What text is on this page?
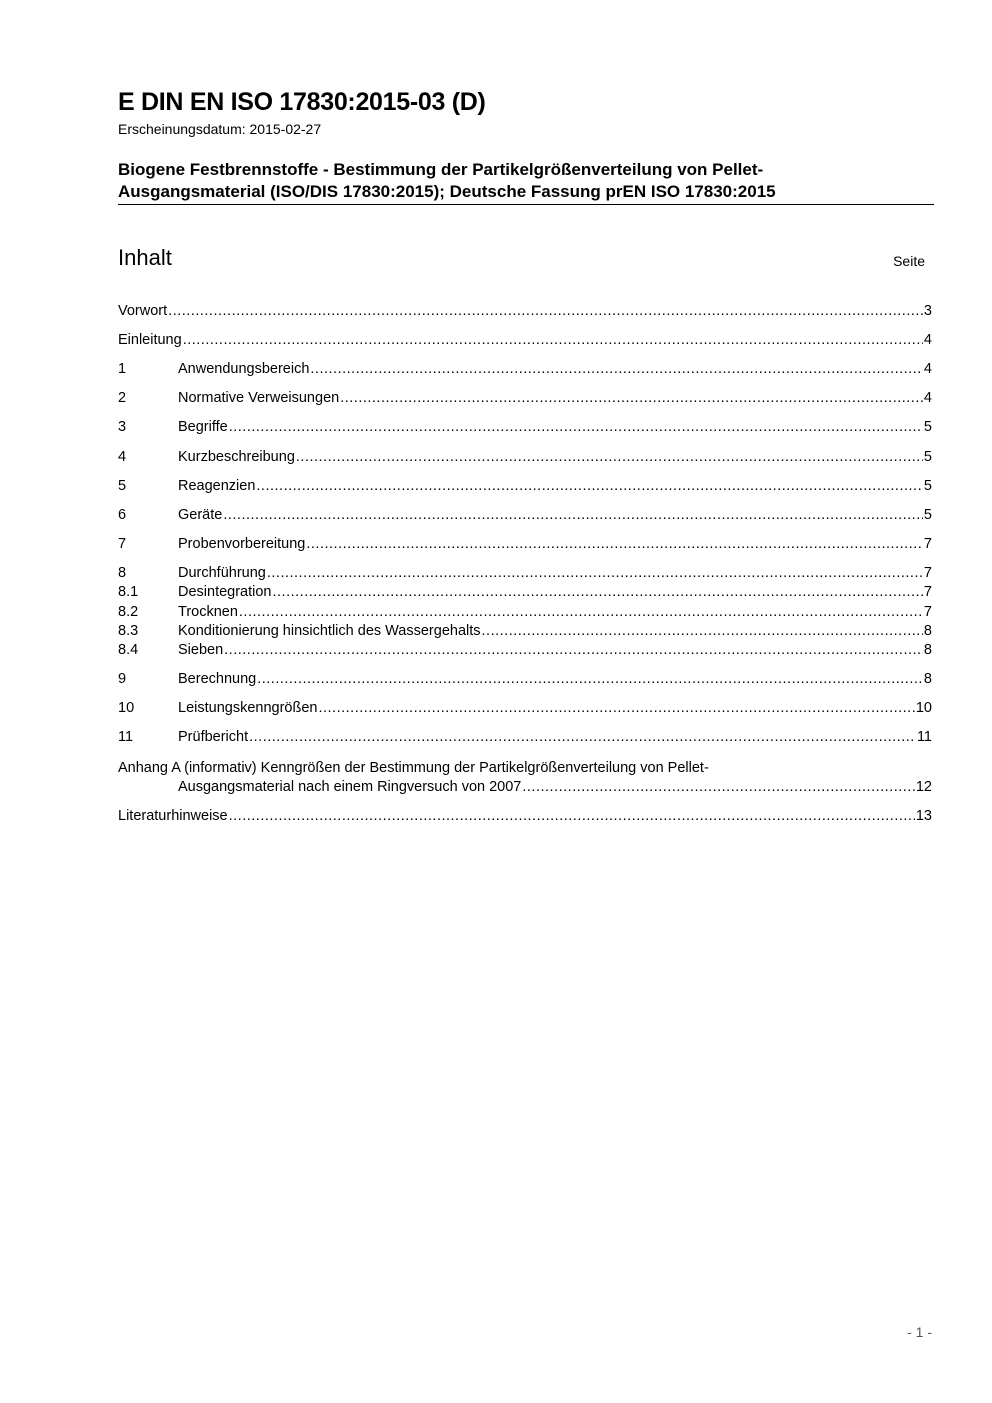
E DIN EN ISO 17830:2015-03 (D)
Erscheinungsdatum: 2015-02-27
Biogene Festbrennstoffe - Bestimmung der Partikelgrößenverteilung von Pellet-
Ausgangsmaterial (ISO/DIS 17830:2015); Deutsche Fassung prEN ISO 17830:2015
Inhalt	Seite
Vorwort .....	3
Einleitung .....	4
1	Anwendungsbereich .....	4
2	Normative Verweisungen .....	4
3	Begriffe .....	5
4	Kurzbeschreibung .....	5
5	Reagenzien .....	5
6	Geräte .....	5
7	Probenvorbereitung .....	7
8	Durchführung .....	7
8.1	Desintegration .....	7
8.2	Trocknen .....	7
8.3	Konditionierung hinsichtlich des Wassergehalts .....	8
8.4	Sieben .....	8
9	Berechnung .....	8
10	Leistungskenngrößen .....	10
11	Prüfbericht .....	11
Anhang A (informativ) Kenngrößen der Bestimmung der Partikelgrößenverteilung von Pellet-
Ausgangsmaterial nach einem Ringversuch von 2007 .....	12
Literaturhinweise .....	13
- 1 -
